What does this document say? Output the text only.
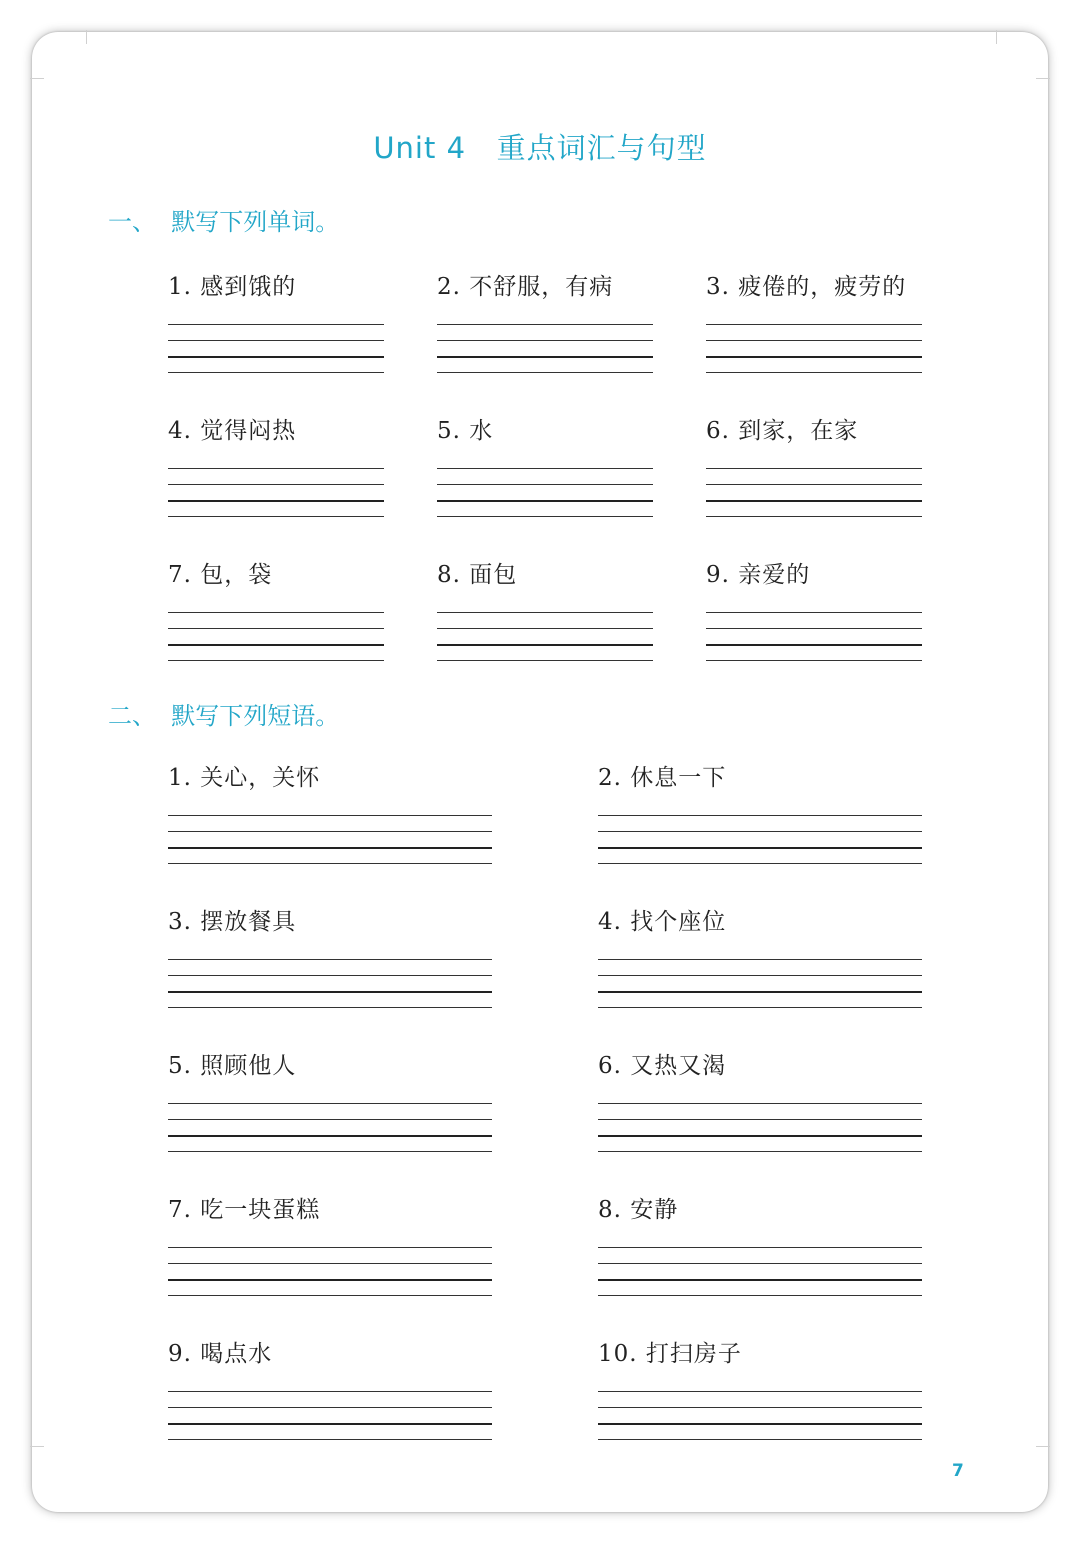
Unit 4   重点词汇与句型
一、  默写下列单词。
1. 感到饿的	2. 不舒服，有病	3. 疲倦的，疲劳的
4. 觉得闷热	5. 水	6. 到家，在家
7. 包，袋	8. 面包	9. 亲爱的
二、  默写下列短语。
1. 关心，关怀	2. 休息一下
3. 摆放餐具	4. 找个座位
5. 照顾他人	6. 又热又渴
7. 吃一块蛋糕	8. 安静
9. 喝点水	10. 打扫房子
7
